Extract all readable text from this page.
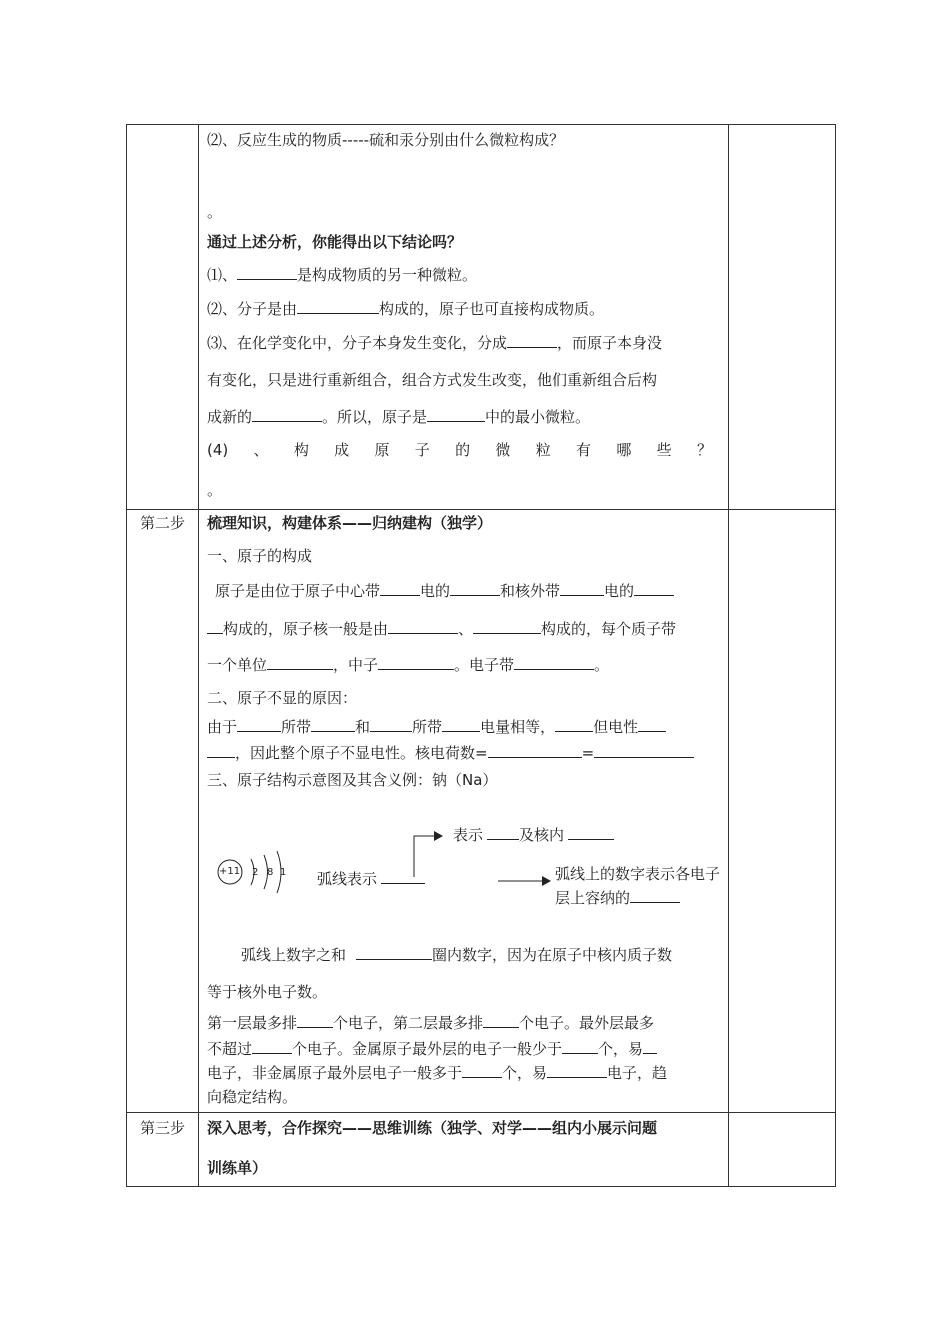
⑵、反应生成的物质-----硫和汞分别由什么微粒构成？
。
通过上述分析，你能得出以下结论吗？
⑴、	是构成物质的另一种微粒。
⑵、分子是由	构成的，原子也可直接构成物质。
⑶、在化学变化中，分子本身发生变化，分成	，而原子本身没
有变化，只是进行重新组合，组合方式发生改变，他们重新组合后构
成新的	。所以，原子是	中的最小微粒。
(4) 、 构 成 原 子 的 微 粒 有 哪 些 ？
。
第二步	梳理知识，构建体系——归纳建构（独学）
一、原子的构成
原子是由位于原子中心带	电的	和核外带	电的
构成的，原子核一般是由	、	构成的，每个质子带
一个单位	，中子	。电子带	。
二、原子不显的原因：
由于	所带	和	所带	电量相等，	但电性
，因此整个原子不显电性。核电荷数=	=
三、原子结构示意图及其含义例：钠（Na）
+11 2 8 1 弧线表示
表示 及核内
弧线上的数字表示各电子
层上容纳的
弧线上数字之和	圈内数字，因为在原子中核内质子数
等于核外电子数。
第一层最多排 个电子，第二层最多排 个电子。最外层最多
不超过	个电子。金属原子最外层的电子一般少于 个，易
电子，非金属原子最外层电子一般多于	个，易	电子，趋
向稳定结构。
第三步	深入思考，合作探究——思维训练（独学、对学——组内小展示问题
训练单）
